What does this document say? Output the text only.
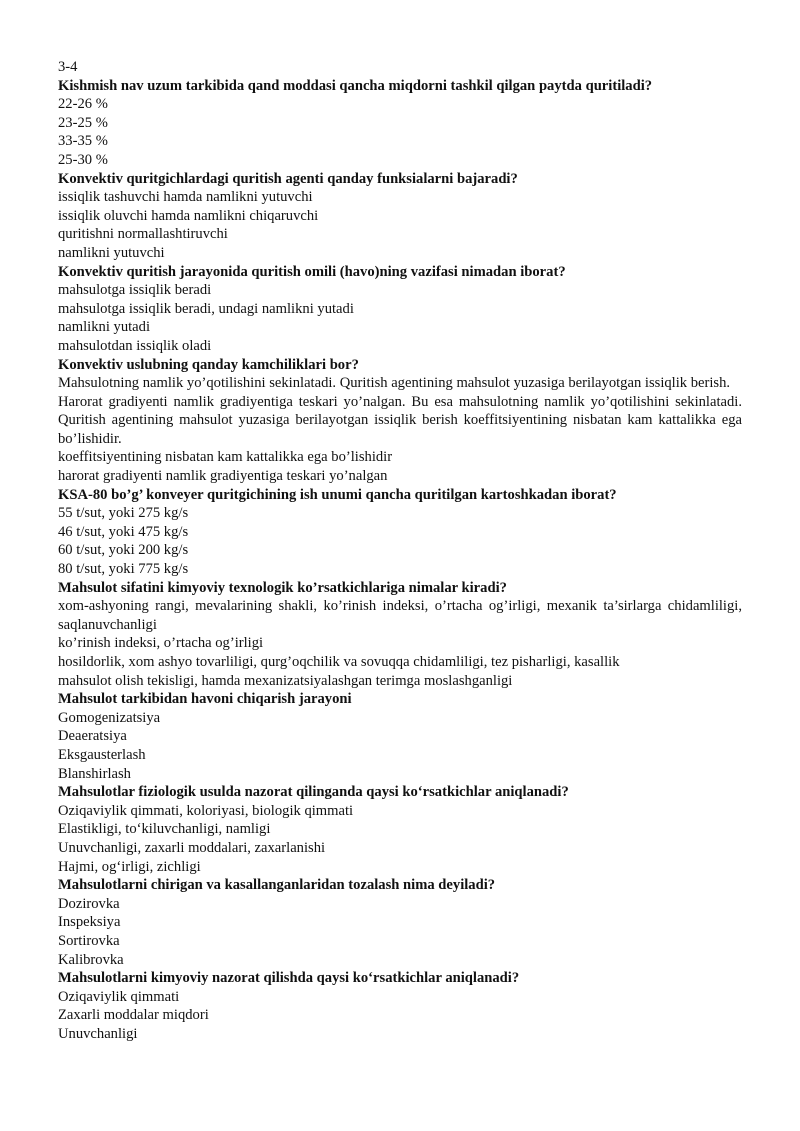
3-4

Kishmish nav uzum tarkibida qand moddasi qancha miqdorni tashkil qilgan paytda quritiladi?

22-26 %

23-25 %

33-35 %

25-30 %

Konvektiv quritgichlardagi quritish agenti qanday funksialarni bajaradi?

issiqlik tashuvchi hamda namlikni yutuvchi

issiqlik oluvchi hamda namlikni chiqaruvchi

quritishni normallashtiruvchi

namlikni yutuvchi

Konvektiv quritish jarayonida quritish omili (havo)ning vazifasi nimadan iborat?

mahsulotga issiqlik beradi

mahsulotga issiqlik beradi, undagi namlikni yutadi

namlikni yutadi

mahsulotdan issiqlik oladi

Konvektiv uslubning qanday kamchiliklari bor?

Mahsulotning namlik yo’qotilishini sekinlatadi. Quritish agentining mahsulot yuzasiga berilayotgan issiqlik berish.

Harorat gradiyenti namlik gradiyentiga teskari yo’nalgan. Bu esa mahsulotning namlik yo’qotilishini sekinlatadi. Quritish agentining mahsulot yuzasiga berilayotgan issiqlik berish koeffitsiyentining nisbatan kam kattalikka ega bo’lishidir.

koeffitsiyentining nisbatan kam kattalikka ega bo’lishidir

harorat gradiyenti namlik gradiyentiga teskari yo’nalgan

KSA-80 bo’g’ konveyer quritgichining ish unumi qancha quritilgan kartoshkadan iborat?

55 t/sut, yoki 275 kg/s

46 t/sut, yoki 475 kg/s

60 t/sut, yoki 200 kg/s

80 t/sut, yoki 775 kg/s

Mahsulot sifatini kimyoviy texnologik ko’rsatkichlariga nimalar kiradi?

xom-ashyoning rangi, mevalarining shakli, ko’rinish indeksi, o’rtacha og’irligi, mexanik ta’sirlarga chidamliligi, saqlanuvchanligi

ko’rinish indeksi, o’rtacha og’irligi

hosildorlik, xom ashyo tovarliligi, qurg’oqchilik va sovuqqa chidamliligi, tez pisharligi, kasallik

mahsulot olish tekisligi, hamda mexanizatsiyalashgan terimga moslashganligi

Mahsulot tarkibidan havoni chiqarish jarayoni

Gomogenizatsiya

Deaeratsiya

Eksgausterlash

Blanshirlash

Mahsulotlar fiziologik usulda nazorat qilinganda qaysi ko‘rsatkichlar aniqlanadi?

Oziqaviylik qimmati, koloriyasi, biologik qimmati

Elastikligi, to‘kiluvchanligi, namligi

Unuvchanligi, zaxarli moddalari, zaxarlanishi

Hajmi, og‘irligi, zichligi

Mahsulotlarni chirigan va kasallanganlaridan tozalash nima deyiladi?

Dozirovka

Inspeksiya

Sortirovka

Kalibrovka

Mahsulotlarni kimyoviy nazorat qilishda qaysi ko‘rsatkichlar aniqlanadi?

Oziqaviylik qimmati

Zaxarli moddalar miqdori

Unuvchanligi
